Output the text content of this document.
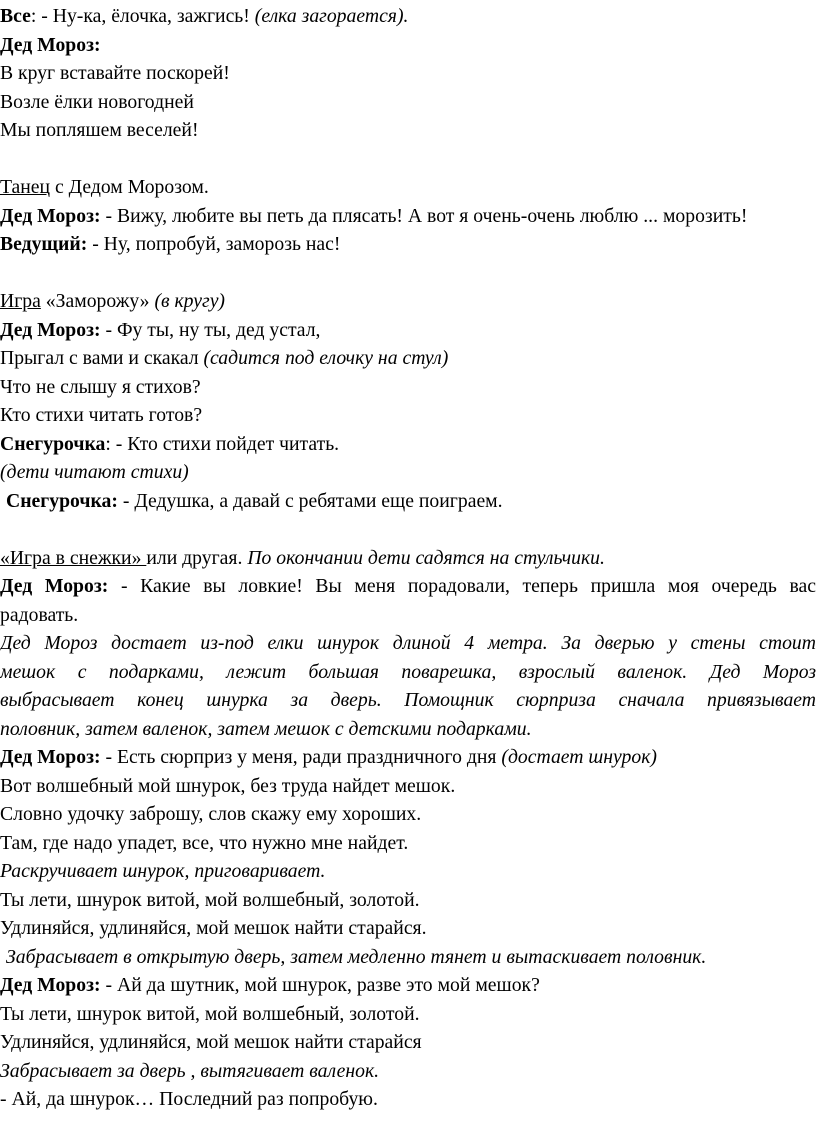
Все: - Ну-ка, ёлочка, зажгись! (елка загорается).
Дед Мороз:
В круг вставайте поскорей!
Возле ёлки новогодней
Мы попляшем веселей!
Танец с Дедом Морозом.
Дед Мороз: - Вижу, любите вы петь да плясать! А вот я очень-очень люблю ... морозить!
Ведущий: - Ну, попробуй, заморозь нас!
Игра «Заморожу» (в кругу)
Дед Мороз: - Фу ты, ну ты, дед устал,
Прыгал с вами и скакал (садится под елочку на стул)
Что не слышу я стихов?
Кто стихи читать готов?
Снегурочка: - Кто стихи пойдет читать.
(дети читают стихи)
Снегурочка: - Дедушка, а давай с ребятами еще поиграем.
«Игра в снежки» или другая. По окончании дети садятся на стульчики.
Дед Мороз: - Какие вы ловкие! Вы меня порадовали, теперь пришла моя очередь вас
радовать.
Дед Мороз достает из-под елки шнурок длиной 4 метра. За дверью у стены стоит
мешок с подарками, лежит большая поварешка, взрослый валенок. Дед Мороз
выбрасывает конец шнурка за дверь. Помощник сюрприза сначала привязывает
половник, затем валенок, затем мешок с детскими подарками.
Дед Мороз: - Есть сюрприз у меня, ради праздничного дня (достает шнурок)
Вот волшебный мой шнурок, без труда найдет мешок.
Словно удочку заброшу, слов скажу ему хороших.
Там, где надо упадет, все, что нужно мне найдет.
Раскручивает шнурок, приговаривает.
Ты лети, шнурок витой, мой волшебный, золотой.
Удлиняйся, удлиняйся, мой мешок найти старайся.
Забрасывает в открытую дверь, затем медленно тянет и вытаскивает половник.
Дед Мороз: - Ай да шутник, мой шнурок, разве это мой мешок?
Ты лети, шнурок витой, мой волшебный, золотой.
Удлиняйся, удлиняйся, мой мешок найти старайся
Забрасывает за дверь , вытягивает валенок.
- Ай, да шнурок… Последний раз попробую.
